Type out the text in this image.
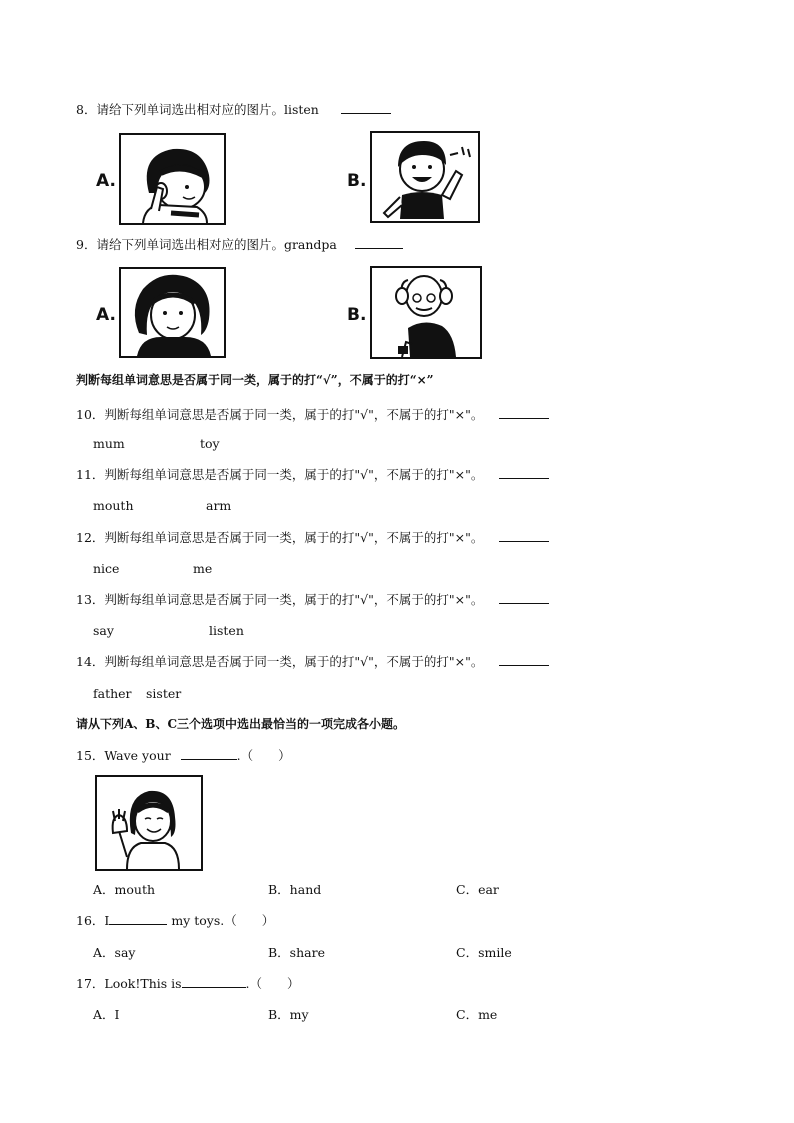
8．请给下列单词选出相对应的图片。listen
A.	B.
9．请给下列单词选出相对应的图片。grandpa
A.	B.
判断每组单词意思是否属于同一类，属于的打“√”，不属于的打“×”
10．判断每组单词意思是否属于同一类，属于的打"√"，不属于的打"×"。
mum	toy
11．判断每组单词意思是否属于同一类，属于的打"√"，不属于的打"×"。
mouth	arm
12．判断每组单词意思是否属于同一类，属于的打"√"，不属于的打"×"。
nice	me
13．判断每组单词意思是否属于同一类，属于的打"√"，不属于的打"×"。
say	listen
14．判断每组单词意思是否属于同一类，属于的打"√"，不属于的打"×"。
father sister
请从下列A、B、C三个选项中选出最恰当的一项完成各小题。
15．Wave your	.（　　）
A．mouth	B．hand	C．ear
16．I	my toys.（　　）
A．say	B．share	C．smile
17．Look!This is	.（　　）
A．I	B．my	C．me
